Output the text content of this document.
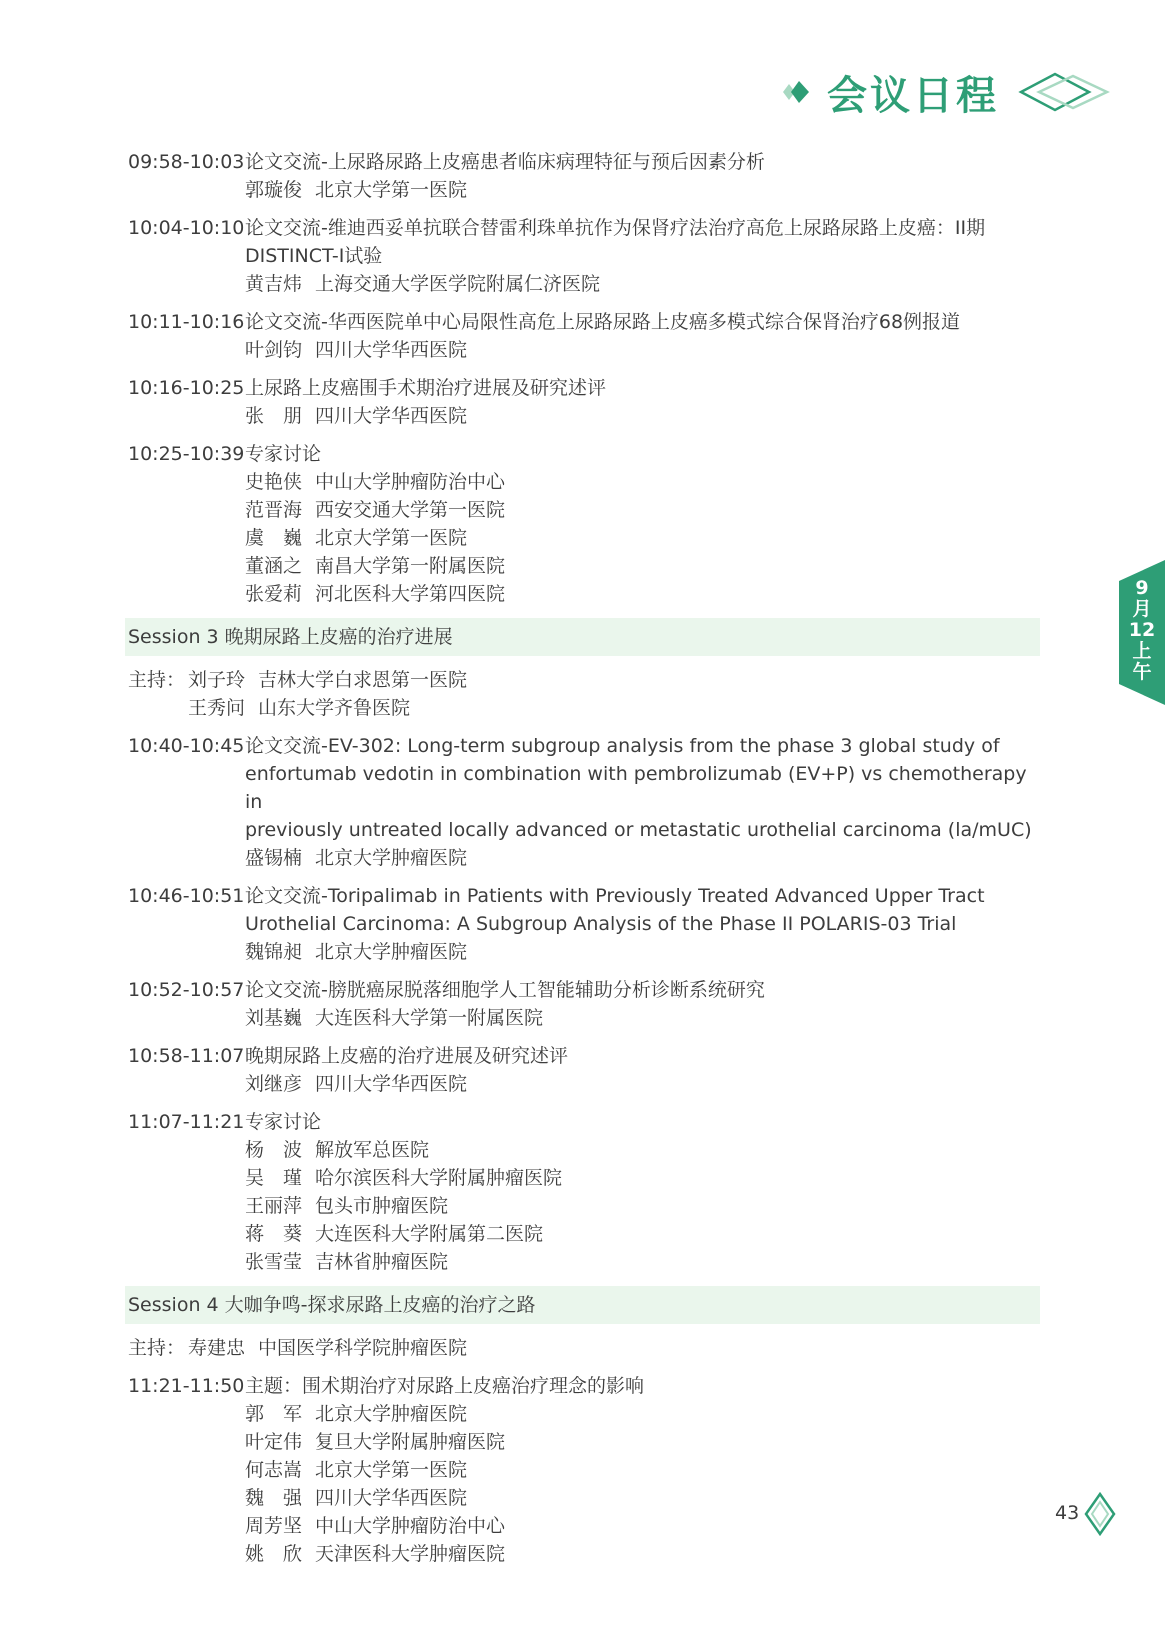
会议日程
09:58-10:03 论文交流-上尿路尿路上皮癌患者临床病理特征与预后因素分析
郭璇俊 北京大学第一医院
10:04-10:10 论文交流-维迪西妥单抗联合替雷利珠单抗作为保肾疗法治疗高危上尿路尿路上皮癌：II期
DISTINCT-I试验
黄吉炜 上海交通大学医学院附属仁济医院
10:11-10:16 论文交流-华西医院单中心局限性高危上尿路尿路上皮癌多模式综合保肾治疗68例报道
叶剑钧 四川大学华西医院
10:16-10:25 上尿路上皮癌围手术期治疗进展及研究述评
张　朋 四川大学华西医院
10:25-10:39 专家讨论
史艳侠 中山大学肿瘤防治中心
范晋海 西安交通大学第一医院
虞　巍 北京大学第一医院
董涵之 南昌大学第一附属医院
张爱莉 河北医科大学第四医院
Session 3 晚期尿路上皮癌的治疗进展
主持： 刘子玲 吉林大学白求恩第一医院
王秀问 山东大学齐鲁医院
10:40-10:45 论文交流-EV-302: Long-term subgroup analysis from the phase 3 global study of
enfortumab vedotin in combination with pembrolizumab (EV+P) vs chemotherapy in
previously untreated locally advanced or metastatic urothelial carcinoma (la/mUC)
盛锡楠 北京大学肿瘤医院
10:46-10:51 论文交流-Toripalimab in Patients with Previously Treated Advanced Upper Tract
Urothelial Carcinoma: A Subgroup Analysis of the Phase II POLARIS-03 Trial
魏锦昶 北京大学肿瘤医院
10:52-10:57 论文交流-膀胱癌尿脱落细胞学人工智能辅助分析诊断系统研究
刘基巍 大连医科大学第一附属医院
10:58-11:07 晚期尿路上皮癌的治疗进展及研究述评
刘继彦 四川大学华西医院
11:07-11:21 专家讨论
杨　波 解放军总医院
吴　瑾 哈尔滨医科大学附属肿瘤医院
王丽萍 包头市肿瘤医院
蒋　葵 大连医科大学附属第二医院
张雪莹 吉林省肿瘤医院
Session 4 大咖争鸣-探求尿路上皮癌的治疗之路
主持： 寿建忠 中国医学科学院肿瘤医院
11:21-11:50 主题：围术期治疗对尿路上皮癌治疗理念的影响
郭　军 北京大学肿瘤医院
叶定伟 复旦大学附属肿瘤医院
何志嵩 北京大学第一医院
魏　强 四川大学华西医院
周芳坚 中山大学肿瘤防治中心
姚　欣 天津医科大学肿瘤医院
9
月
12
上
午
43
